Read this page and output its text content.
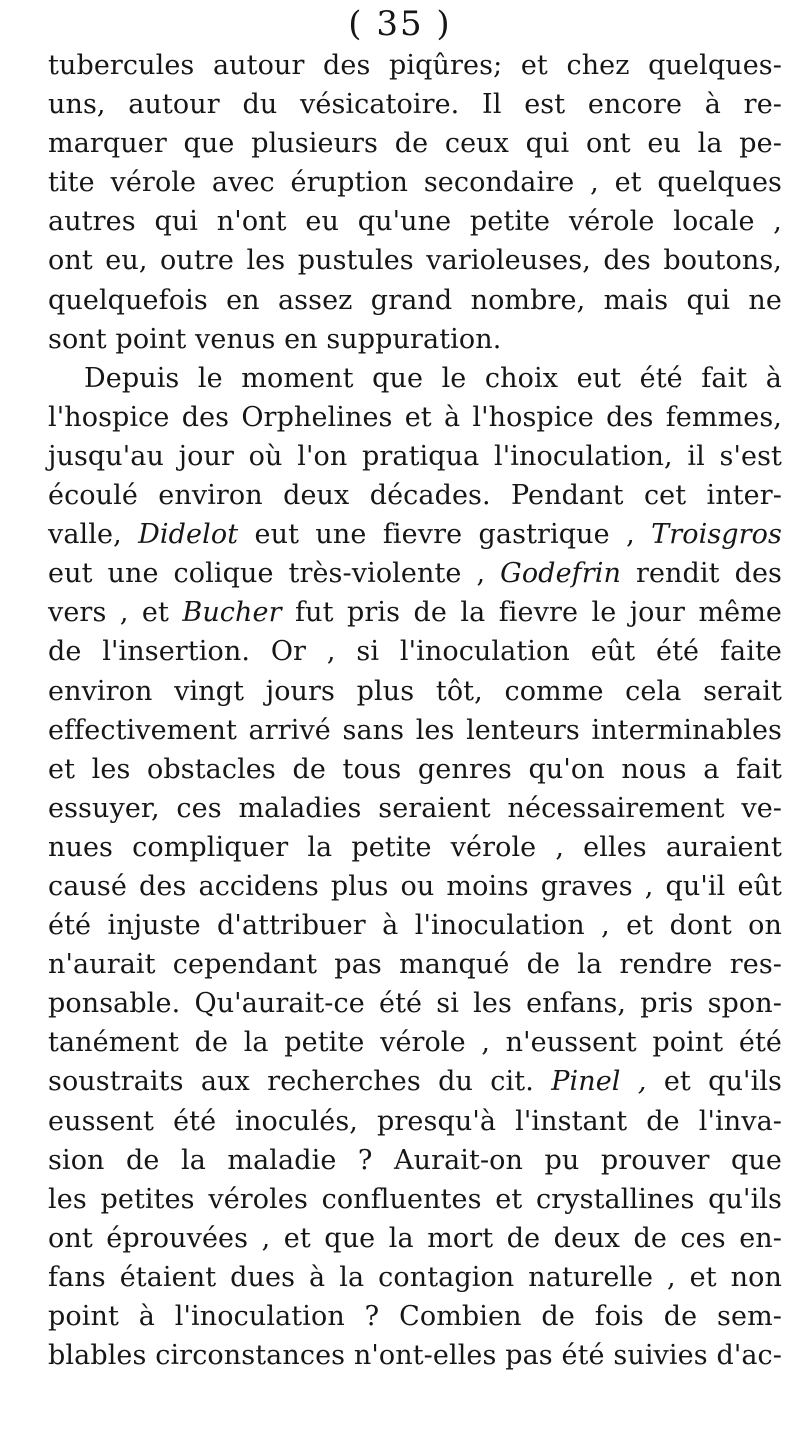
( 35 )
tubercules autour des piqûres; et chez quelques-
uns, autour du vésicatoire. Il est encore à re-
marquer que plusieurs de ceux qui ont eu la pe-
tite vérole avec éruption secondaire , et quelques
autres qui n'ont eu qu'une petite vérole locale ,
ont eu, outre les pustules varioleuses, des boutons,
quelquefois en assez grand nombre, mais qui ne
sont point venus en suppuration.
Depuis le moment que le choix eut été fait à
l'hospice des Orphelines et à l'hospice des femmes,
jusqu'au jour où l'on pratiqua l'inoculation, il s'est
écoulé environ deux décades. Pendant cet inter-
valle, Didelot eut une fievre gastrique , Troisgros
eut une colique très-violente , Godefrin rendit des
vers , et Bucher fut pris de la fievre le jour même
de l'insertion. Or , si l'inoculation eût été faite
environ vingt jours plus tôt, comme cela serait
effectivement arrivé sans les lenteurs interminables
et les obstacles de tous genres qu'on nous a fait
essuyer, ces maladies seraient nécessairement ve-
nues compliquer la petite vérole , elles auraient
causé des accidens plus ou moins graves , qu'il eût
été injuste d'attribuer à l'inoculation , et dont on
n'aurait cependant pas manqué de la rendre res-
ponsable. Qu'aurait-ce été si les enfans, pris spon-
tanément de la petite vérole , n'eussent point été
soustraits aux recherches du cit. Pinel , et qu'ils
eussent été inoculés, presqu'à l'instant de l'inva-
sion de la maladie ? Aurait-on pu prouver que
les petites véroles confluentes et crystallines qu'ils
ont éprouvées , et que la mort de deux de ces en-
fans étaient dues à la contagion naturelle , et non
point à l'inoculation ? Combien de fois de sem-
blables circonstances n'ont-elles pas été suivies d'ac-
